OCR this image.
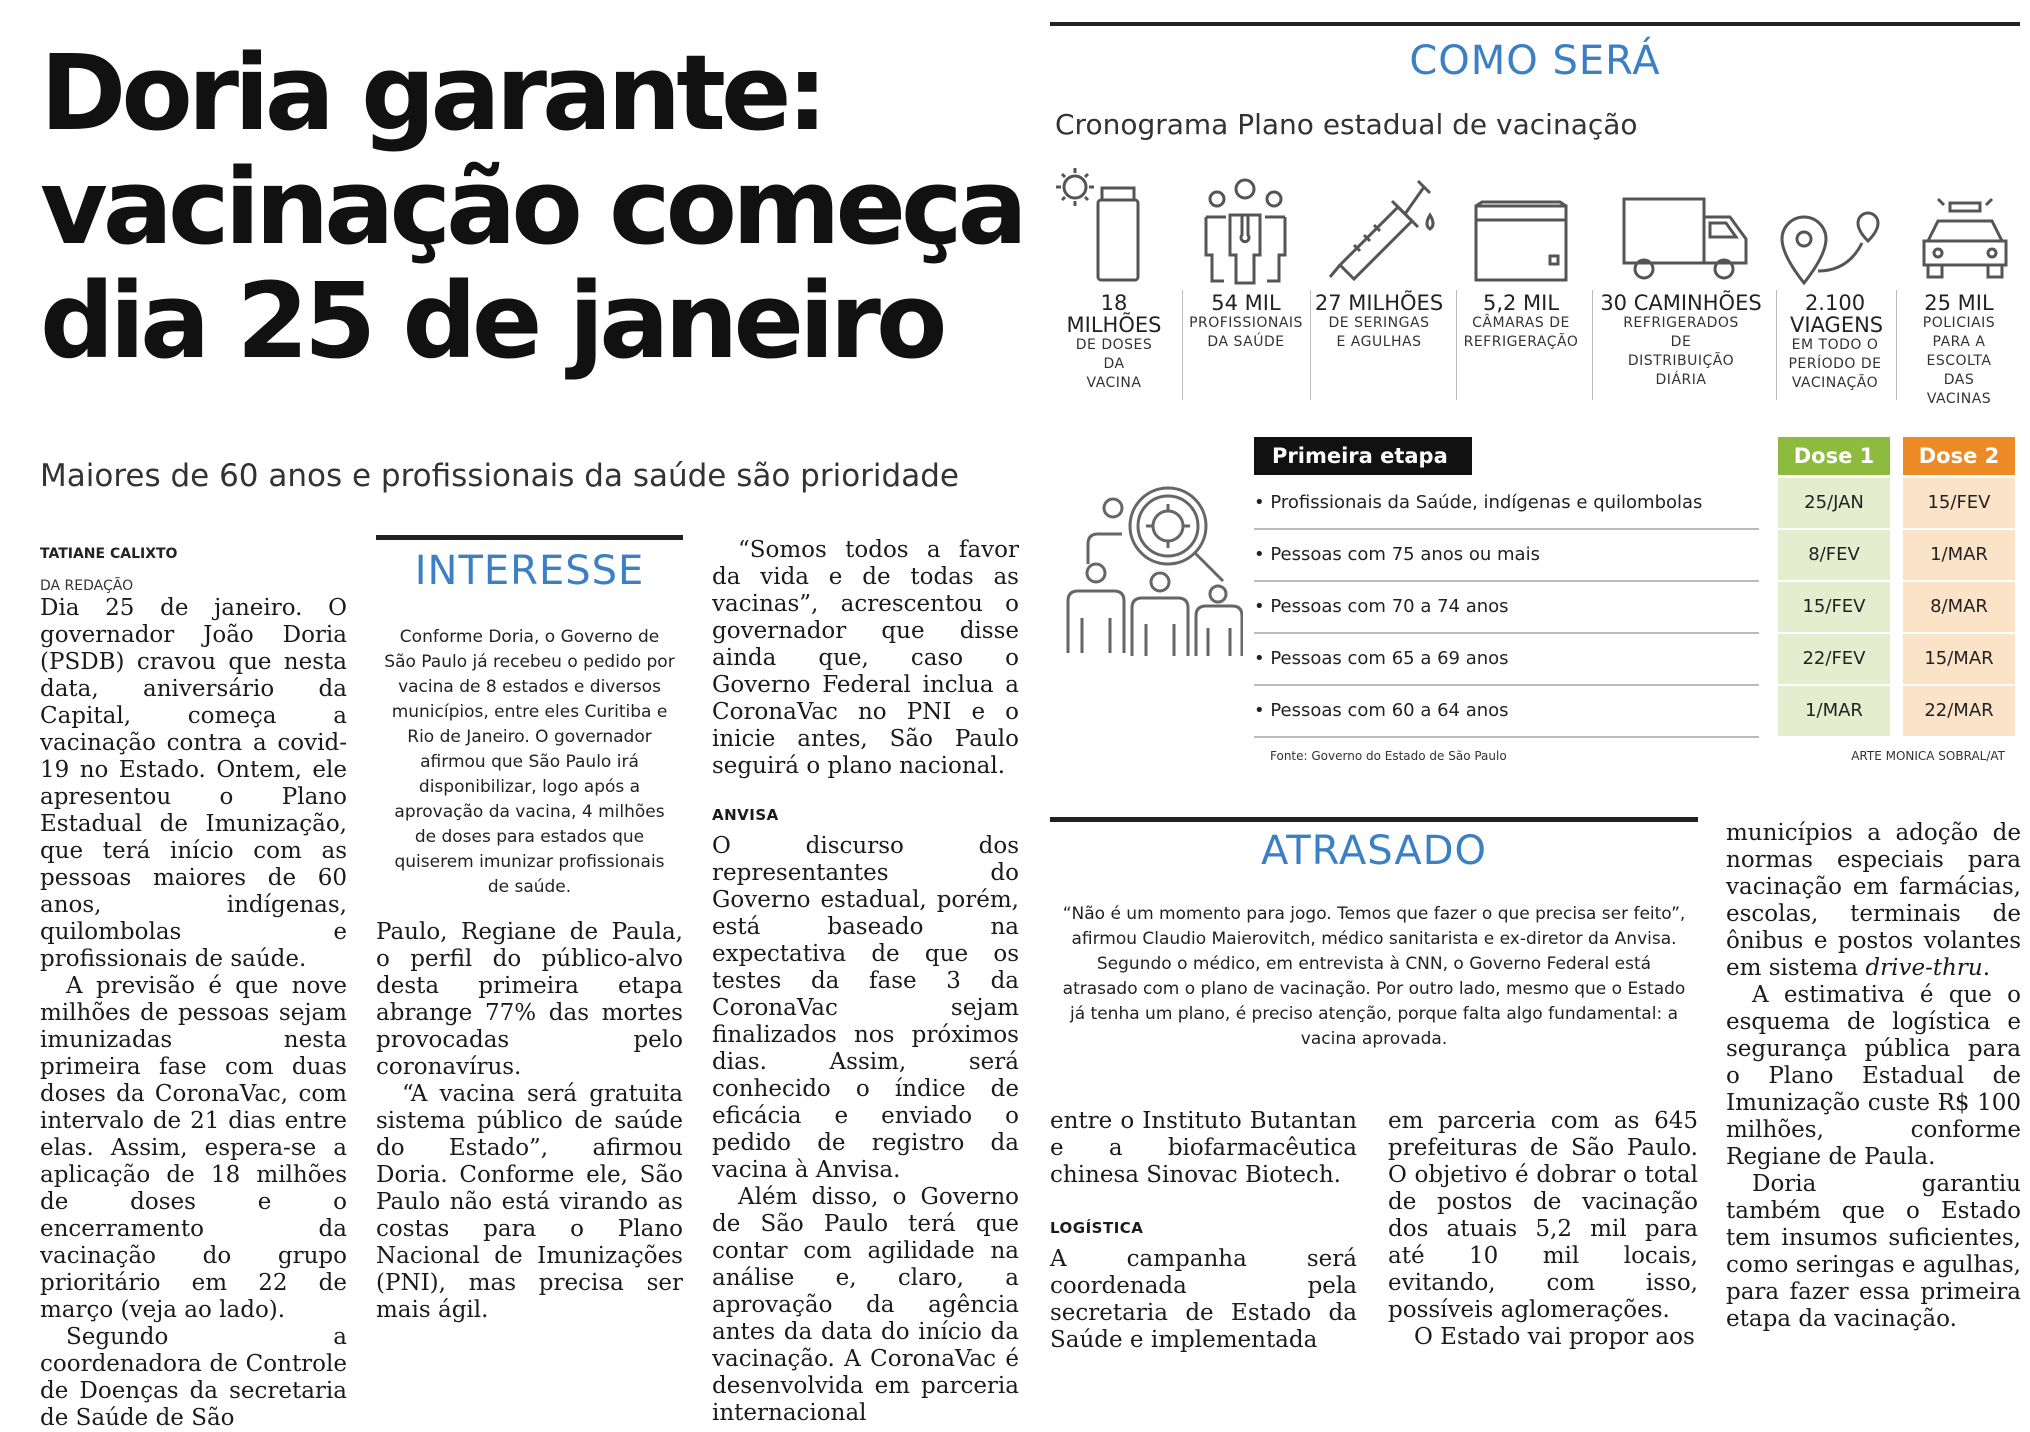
Doria garante:
vacinação começa
dia 25 de janeiro
Maiores de 60 anos e profissionais da saúde são prioridade
TATIANE CALIXTO
DA REDAÇÃO

Dia 25 de janeiro. O governador João Doria (PSDB) cravou que nesta data, aniversário da Capital, começa a vacinação contra a covid-19 no Estado. Ontem, ele apresentou o Plano Estadual de Imunização, que terá início com as pessoas maiores de 60 anos, indígenas, quilombolas e profissionais de saúde.

A previsão é que nove milhões de pessoas sejam imunizadas nesta primeira fase com duas doses da CoronaVac, com intervalo de 21 dias entre elas. Assim, espera-se a aplicação de 18 milhões de doses e o encerramento da vacinação do grupo prioritário em 22 de março (veja ao lado).

Segundo a coordenadora de Controle de Doenças da secretaria de Saúde de São

INTERESSE
Conforme Doria, o Governo de São Paulo já recebeu o pedido por vacina de 8 estados e diversos municípios, entre eles Curitiba e Rio de Janeiro. O governador afirmou que São Paulo irá disponibilizar, logo após a aprovação da vacina, 4 milhões de doses para estados que quiserem imunizar profissionais de saúde.

Paulo, Regiane de Paula, o perfil do público-alvo desta primeira etapa abrange 77% das mortes provocadas pelo coronavírus.

“A vacina será gratuita sistema público de saúde do Estado”, afirmou Doria. Conforme ele, São Paulo não está virando as costas para o Plano Nacional de Imunizações (PNI), mas precisa ser mais ágil.

“Somos todos a favor da vida e de todas as vacinas”, acrescentou o governador que disse ainda que, caso o Governo Federal inclua a CoronaVac no PNI e o inicie antes, São Paulo seguirá o plano nacional.

ANVISA

O discurso dos representantes do Governo estadual, porém, está baseado na expectativa de que os testes da fase 3 da CoronaVac sejam finalizados nos próximos dias. Assim, será conhecido o índice de eficácia e enviado o pedido de registro da vacina à Anvisa.

Além disso, o Governo de São Paulo terá que contar com agilidade na análise e, claro, a aprovação da agência antes da data do início da vacinação. A CoronaVac é desenvolvida em parceria internacional

COMO SERÁ
Cronograma Plano estadual de vacinação
18 MILHÕES
DE DOSES DA VACINA
54 MIL
PROFISSIONAIS DA SAÚDE
27 MILHÕES
DE SERINGAS E AGULHAS
5,2 MIL
CÂMARAS DE REFRIGERAÇÃO
30 CAMINHÕES
REFRIGERADOS DE DISTRIBUIÇÃO DIÁRIA
2.100 VIAGENS
EM TODO O PERÍODO DE VACINAÇÃO
25 MIL
POLICIAIS PARA A ESCOLTA DAS VACINAS
Primeira etapa	Dose 1	Dose 2
• Profissionais da Saúde, indígenas e quilombolas	25/JAN	15/FEV
• Pessoas com 75 anos ou mais	8/FEV	1/MAR
• Pessoas com 70 a 74 anos	15/FEV	8/MAR
• Pessoas com 65 a 69 anos	22/FEV	15/MAR
• Pessoas com 60 a 64 anos	1/MAR	22/MAR
Fonte: Governo do Estado de São Paulo	ARTE MONICA SOBRAL/AT
ATRASADO
“Não é um momento para jogo. Temos que fazer o que precisa ser feito”, afirmou Claudio Maierovitch, médico sanitarista e ex-diretor da Anvisa. Segundo o médico, em entrevista à CNN, o Governo Federal está atrasado com o plano de vacinação. Por outro lado, mesmo que o Estado já tenha um plano, é preciso atenção, porque falta algo fundamental: a vacina aprovada.

entre o Instituto Butantan e a biofarmacêutica chinesa Sinovac Biotech.

LOGÍSTICA

A campanha será coordenada pela secretaria de Estado da Saúde e implementada

em parceria com as 645 prefeituras de São Paulo. O objetivo é dobrar o total de postos de vacinação dos atuais 5,2 mil para até 10 mil locais, evitando, com isso, possíveis aglomerações.

O Estado vai propor aos

municípios a adoção de normas especiais para vacinação em farmácias, escolas, terminais de ônibus e postos volantes em sistema drive-thru.

A estimativa é que o esquema de logística e segurança pública para o Plano Estadual de Imunização custe R$ 100 milhões, conforme Regiane de Paula.

Doria garantiu também que o Estado tem insumos suficientes, como seringas e agulhas, para fazer essa primeira etapa da vacinação.
